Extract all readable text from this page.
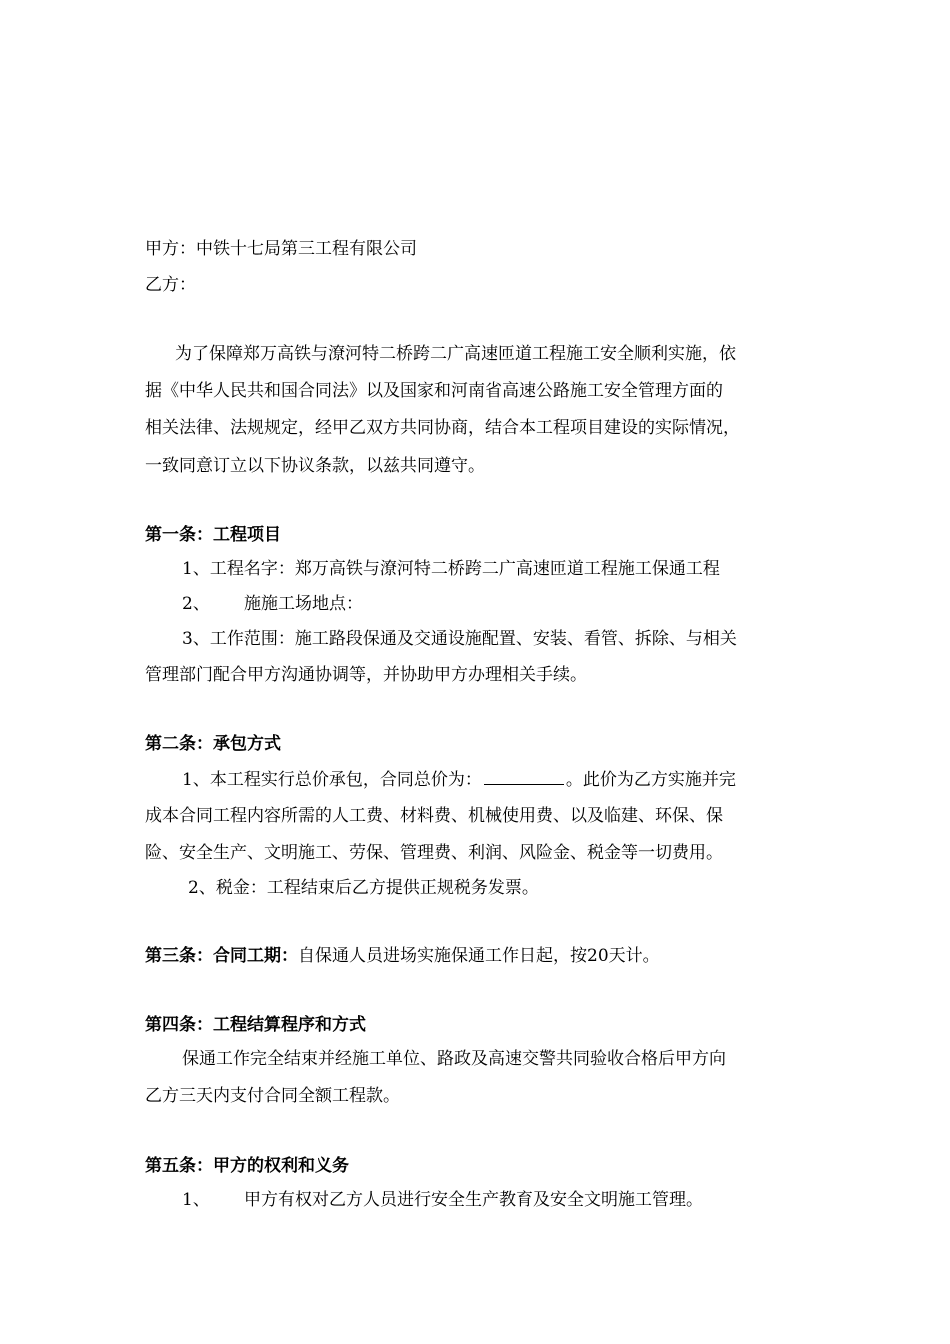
甲方：中铁十七局第三工程有限公司
乙方：
为了保障郑万高铁与潦河特二桥跨二广高速匝道工程施工安全顺利实施，依
据《中华人民共和国合同法》以及国家和河南省高速公路施工安全管理方面的
相关法律、法规规定，经甲乙双方共同协商，结合本工程项目建设的实际情况，
一致同意订立以下协议条款，以兹共同遵守。
第一条：工程项目
1、工程名字：郑万高铁与潦河特二桥跨二广高速匝道工程施工保通工程
2、 施施工场地点：
3、工作范围：施工路段保通及交通设施配置、安装、看管、拆除、与相关
管理部门配合甲方沟通协调等，并协助甲方办理相关手续。
第二条：承包方式
1、本工程实行总价承包，合同总价为：	。此价为乙方实施并完
成本合同工程内容所需的人工费、材料费、机械使用费、以及临建、环保、保
险、安全生产、文明施工、劳保、管理费、利润、风险金、税金等一切费用。
2、税金：工程结束后乙方提供正规税务发票。
第三条：合同工期：自保通人员进场实施保通工作日起，按20天计。
第四条：工程结算程序和方式
保通工作完全结束并经施工单位、路政及高速交警共同验收合格后甲方向
乙方三天内支付合同全额工程款。
第五条：甲方的权利和义务
1、 甲方有权对乙方人员进行安全生产教育及安全文明施工管理。
